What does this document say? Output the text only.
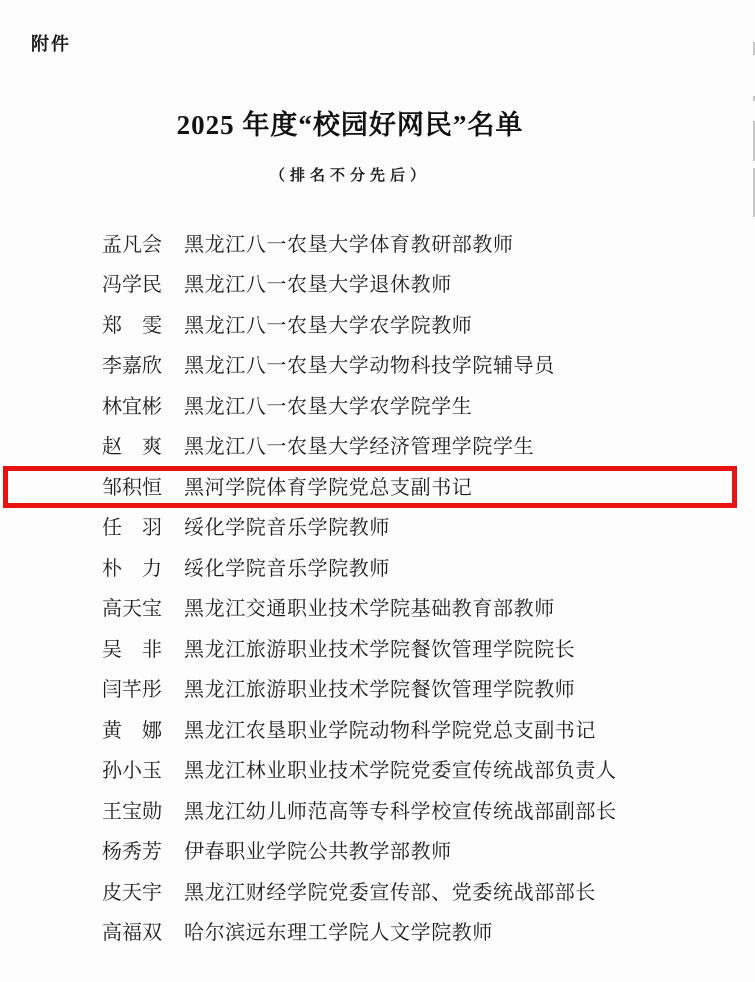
附件
2025 年度“校园好网民”名单
（排名不分先后）
孟凡会 黑龙江八一农垦大学体育教研部教师
冯学民 黑龙江八一农垦大学退休教师
郑雯 黑龙江八一农垦大学农学院教师
李嘉欣 黑龙江八一农垦大学动物科技学院辅导员
林宜彬 黑龙江八一农垦大学农学院学生
赵爽 黑龙江八一农垦大学经济管理学院学生
邹积恒 黑河学院体育学院党总支副书记
任羽 绥化学院音乐学院教师
朴力 绥化学院音乐学院教师
高天宝 黑龙江交通职业技术学院基础教育部教师
吴非 黑龙江旅游职业技术学院餐饮管理学院院长
闫芊彤 黑龙江旅游职业技术学院餐饮管理学院教师
黄娜 黑龙江农垦职业学院动物科学院党总支副书记
孙小玉 黑龙江林业职业技术学院党委宣传统战部负责人
王宝勋 黑龙江幼儿师范高等专科学校宣传统战部副部长
杨秀芳 伊春职业学院公共教学部教师
皮天宇 黑龙江财经学院党委宣传部、党委统战部部长
高福双 哈尔滨远东理工学院人文学院教师
